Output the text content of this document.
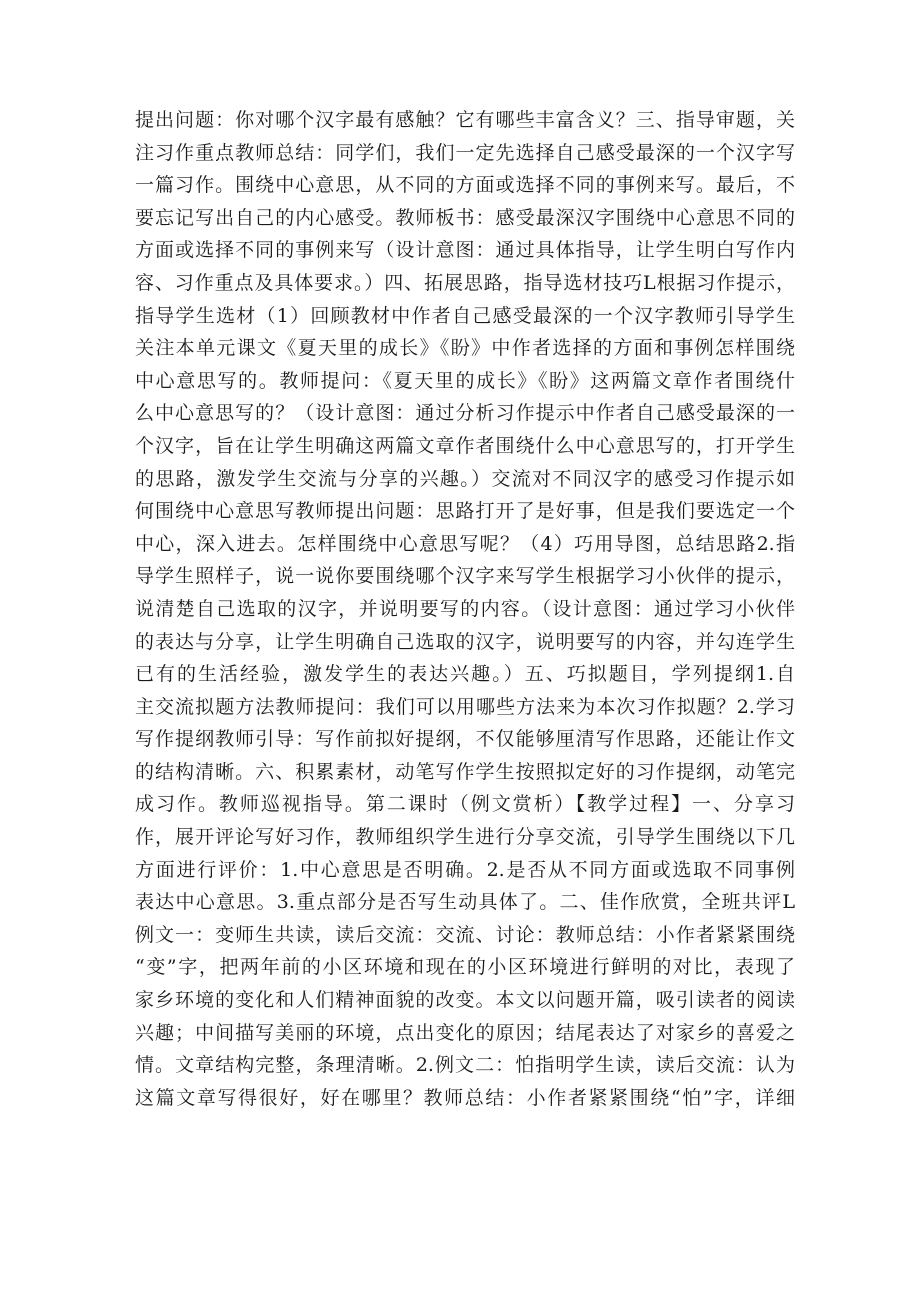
提出问题：你对哪个汉字最有感触？它有哪些丰富含义？三、指导审题，关
注习作重点教师总结：同学们，我们一定先选择自己感受最深的一个汉字写
一篇习作。围绕中心意思，从不同的方面或选择不同的事例来写。最后，不
要忘记写出自己的内心感受。教师板书：感受最深汉字围绕中心意思不同的
方面或选择不同的事例来写（设计意图：通过具体指导，让学生明白写作内
容、习作重点及具体要求。）四、拓展思路，指导选材技巧L根据习作提示，
指导学生选材（1）回顾教材中作者自己感受最深的一个汉字教师引导学生
关注本单元课文《夏天里的成长》《盼》中作者选择的方面和事例怎样围绕
中心意思写的。教师提问：《夏天里的成长》《盼》这两篇文章作者围绕什
么中心意思写的？（设计意图：通过分析习作提示中作者自己感受最深的一
个汉字，旨在让学生明确这两篇文章作者围绕什么中心意思写的，打开学生
的思路，激发学生交流与分享的兴趣。）交流对不同汉字的感受习作提示如
何围绕中心意思写教师提出问题：思路打开了是好事，但是我们要选定一个
中心，深入进去。怎样围绕中心意思写呢？（4）巧用导图，总结思路2.指
导学生照样子，说一说你要围绕哪个汉字来写学生根据学习小伙伴的提示，
说清楚自己选取的汉字，并说明要写的内容。（设计意图：通过学习小伙伴
的表达与分享，让学生明确自己选取的汉字，说明要写的内容，并勾连学生
已有的生活经验，激发学生的表达兴趣。）五、巧拟题目，学列提纲1.自
主交流拟题方法教师提问：我们可以用哪些方法来为本次习作拟题？2.学习
写作提纲教师引导：写作前拟好提纲，不仅能够厘清写作思路，还能让作文
的结构清晰。六、积累素材，动笔写作学生按照拟定好的习作提纲，动笔完
成习作。教师巡视指导。第二课时（例文赏析）【教学过程】一、分享习
作，展开评论写好习作，教师组织学生进行分享交流，引导学生围绕以下几
方面进行评价：1.中心意思是否明确。2.是否从不同方面或选取不同事例
表达中心意思。3.重点部分是否写生动具体了。二、佳作欣赏，全班共评L
例文一：变师生共读，读后交流：交流、讨论：教师总结：小作者紧紧围绕
“变”字，把两年前的小区环境和现在的小区环境进行鲜明的对比，表现了
家乡环境的变化和人们精神面貌的改变。本文以问题开篇，吸引读者的阅读
兴趣；中间描写美丽的环境，点出变化的原因；结尾表达了对家乡的喜爱之
情。文章结构完整，条理清晰。2.例文二：怕指明学生读，读后交流：认为
这篇文章写得很好，好在哪里？教师总结：小作者紧紧围绕“怕”字，详细
